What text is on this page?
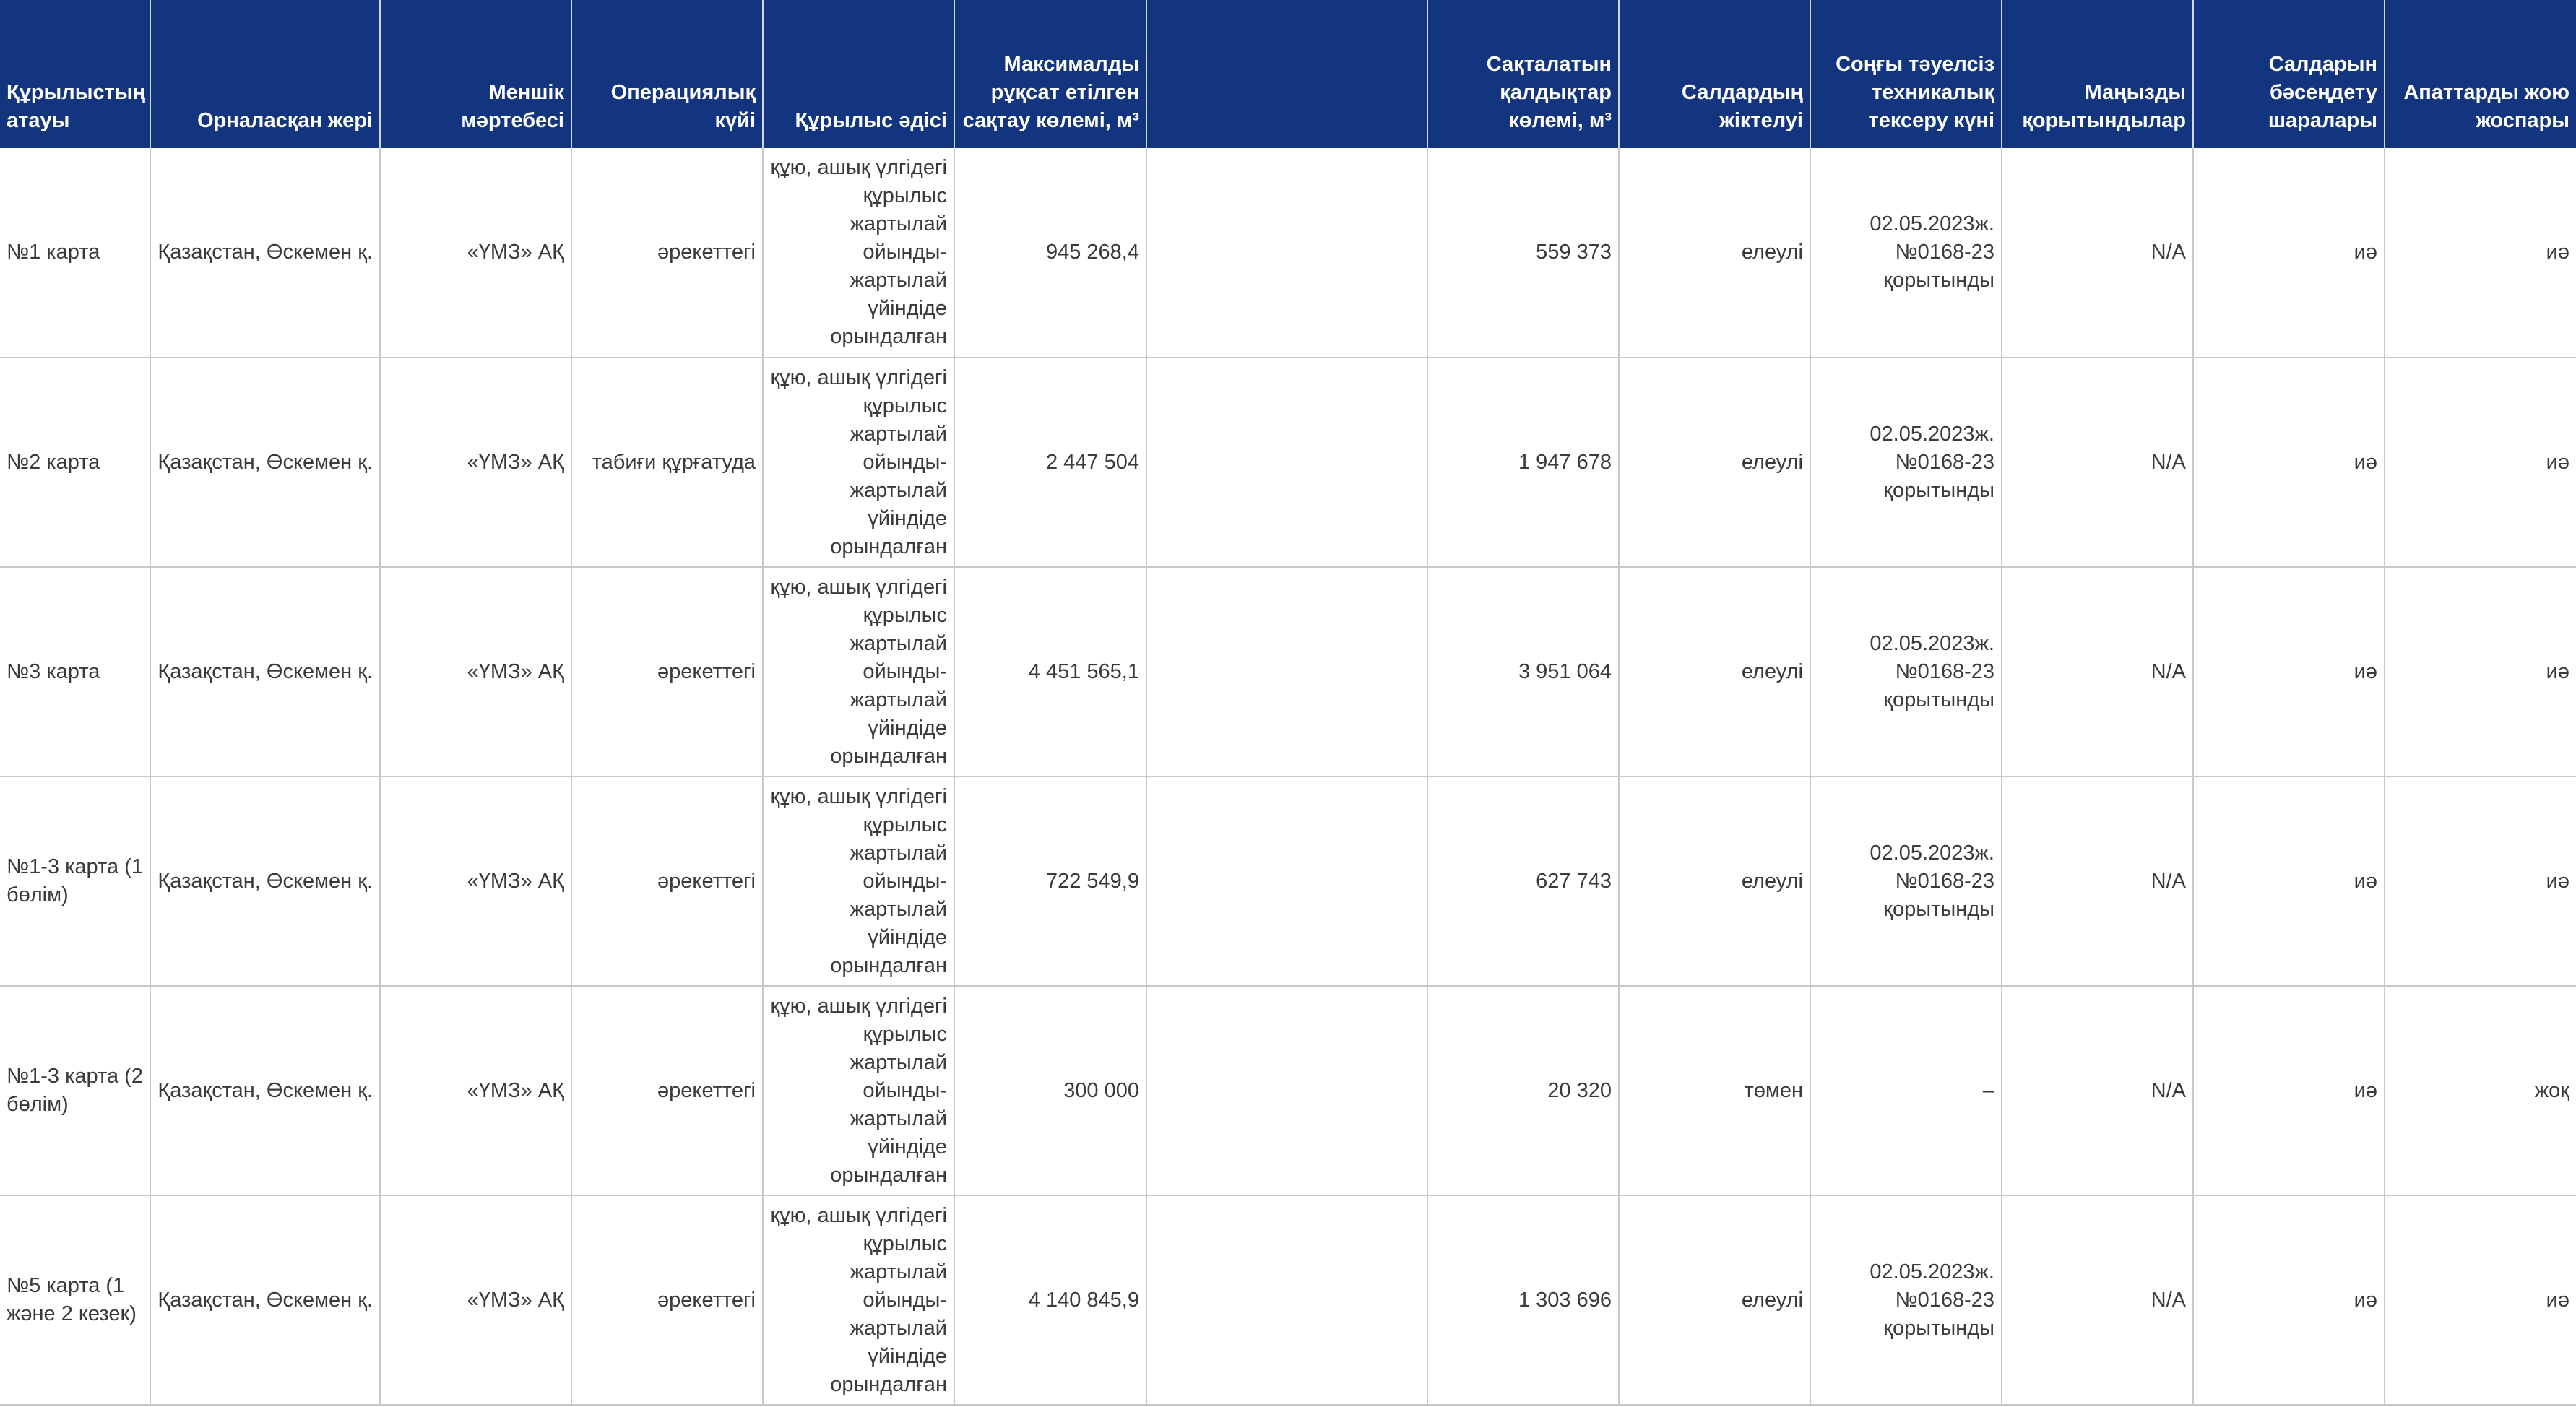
Құрылыстың атауы	Орналасқан жері	Меншік мәртебесі	Операциялық күйі	Құрылыс әдісі	Максималды рұқсат етілген сақтау көлемі, м³		Сақталатын қалдықтар көлемі, м³	Салдардың жіктелуі	Соңғы тәуелсіз техникалық тексеру күні	Маңызды қорытындылар	Салдарын бәсеңдету шаралары	Апаттарды жою жоспары
№1 карта	Қазақстан, Өскемен қ.	«ҮМЗ» АҚ	әрекеттегі	құю, ашық үлгідегі құрылыс жартылай ойынды-жартылай үйіндіде орындалған	945 268,4		559 373	елеулі	02.05.2023ж. №0168-23 қорытынды	N/A	иә	иә
№2 карта	Қазақстан, Өскемен қ.	«ҮМЗ» АҚ	табиғи құрғатуда	құю, ашық үлгідегі құрылыс жартылай ойынды-жартылай үйіндіде орындалған	2 447 504		1 947 678	елеулі	02.05.2023ж. №0168-23 қорытынды	N/A	иә	иә
№3 карта	Қазақстан, Өскемен қ.	«ҮМЗ» АҚ	әрекеттегі	құю, ашық үлгідегі құрылыс жартылай ойынды-жартылай үйіндіде орындалған	4 451 565,1		3 951 064	елеулі	02.05.2023ж. №0168-23 қорытынды	N/A	иә	иә
№1-3 карта (1 бөлім)	Қазақстан, Өскемен қ.	«ҮМЗ» АҚ	әрекеттегі	құю, ашық үлгідегі құрылыс жартылай ойынды-жартылай үйіндіде орындалған	722 549,9		627 743	елеулі	02.05.2023ж. №0168-23 қорытынды	N/A	иә	иә
№1-3 карта (2 бөлім)	Қазақстан, Өскемен қ.	«ҮМЗ» АҚ	әрекеттегі	құю, ашық үлгідегі құрылыс жартылай ойынды-жартылай үйіндіде орындалған	300 000		20 320	төмен	–	N/A	иә	жоқ
№5 карта (1 және 2 кезек)	Қазақстан, Өскемен қ.	«ҮМЗ» АҚ	әрекеттегі	құю, ашық үлгідегі құрылыс жартылай ойынды-жартылай үйіндіде орындалған	4 140 845,9		1 303 696	елеулі	02.05.2023ж. №0168-23 қорытынды	N/A	иә	иә
